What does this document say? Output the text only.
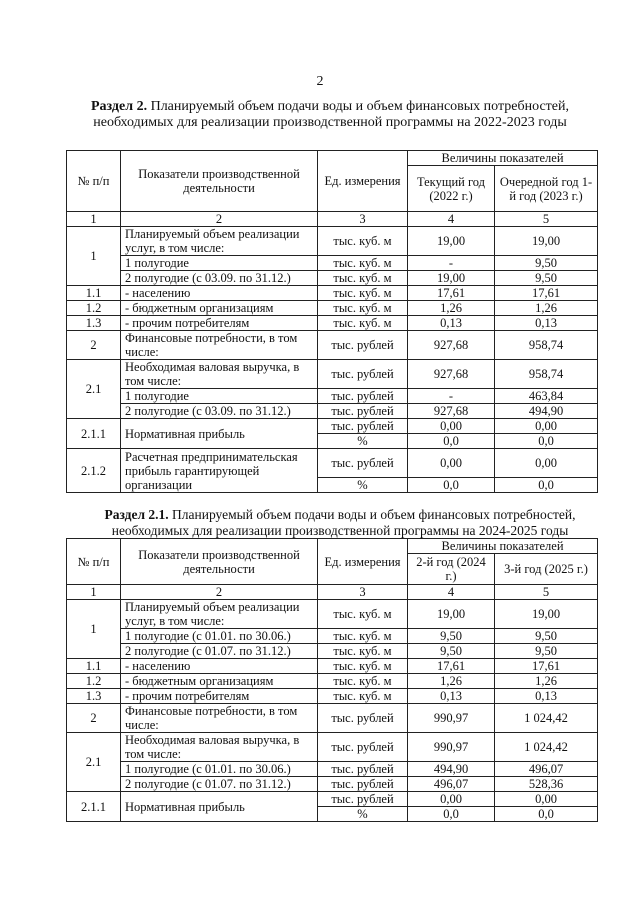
2
Раздел 2. Планируемый объем подачи воды и объем финансовых потребностей, необходимых для реализации производственной программы на 2022-2023 годы
№ п/п	Показатели производственной деятельности	Ед. измерения	Величины показателей	
			Текущий год (2022 г.)	Очередной год 1-й год (2023 г.)
1	2	3	4	5
1	Планируемый объем реализации услуг, в том числе:	тыс. куб. м	19,00	19,00
	1 полугодие	тыс. куб. м	-	9,50
	2 полугодие (с 03.09. по 31.12.)	тыс. куб. м	19,00	9,50
1.1	- населению	тыс. куб. м	17,61	17,61
1.2	- бюджетным организациям	тыс. куб. м	1,26	1,26
1.3	- прочим потребителям	тыс. куб. м	0,13	0,13
2	Финансовые потребности, в том числе:	тыс. рублей	927,68	958,74
2.1	Необходимая валовая выручка, в том числе:	тыс. рублей	927,68	958,74
	1 полугодие	тыс. рублей	-	463,84
	2 полугодие (с 03.09. по 31.12.)	тыс. рублей	927,68	494,90
2.1.1	Нормативная прибыль	тыс. рублей	0,00	0,00
		%	0,0	0,0
2.1.2	Расчетная предпринимательская прибыль гарантирующей организации	тыс. рублей	0,00	0,00
		%	0,0	0,0
Раздел 2.1. Планируемый объем подачи воды и объем финансовых потребностей, необходимых для реализации производственной программы на 2024-2025 годы
№ п/п	Показатели производственной деятельности	Ед. измерения	Величины показателей	
			2-й год (2024 г.)	3-й год (2025 г.)
1	2	3	4	5
1	Планируемый объем реализации услуг, в том числе:	тыс. куб. м	19,00	19,00
	1 полугодие (с 01.01. по 30.06.)	тыс. куб. м	9,50	9,50
	2 полугодие (с 01.07. по 31.12.)	тыс. куб. м	9,50	9,50
1.1	- населению	тыс. куб. м	17,61	17,61
1.2	- бюджетным организациям	тыс. куб. м	1,26	1,26
1.3	- прочим потребителям	тыс. куб. м	0,13	0,13
2	Финансовые потребности, в том числе:	тыс. рублей	990,97	1 024,42
2.1	Необходимая валовая выручка, в том числе:	тыс. рублей	990,97	1 024,42
	1 полугодие (с 01.01. по 30.06.)	тыс. рублей	494,90	496,07
	2 полугодие (с 01.07. по 31.12.)	тыс. рублей	496,07	528,36
2.1.1	Нормативная прибыль	тыс. рублей	0,00	0,00
		%	0,0	0,0
